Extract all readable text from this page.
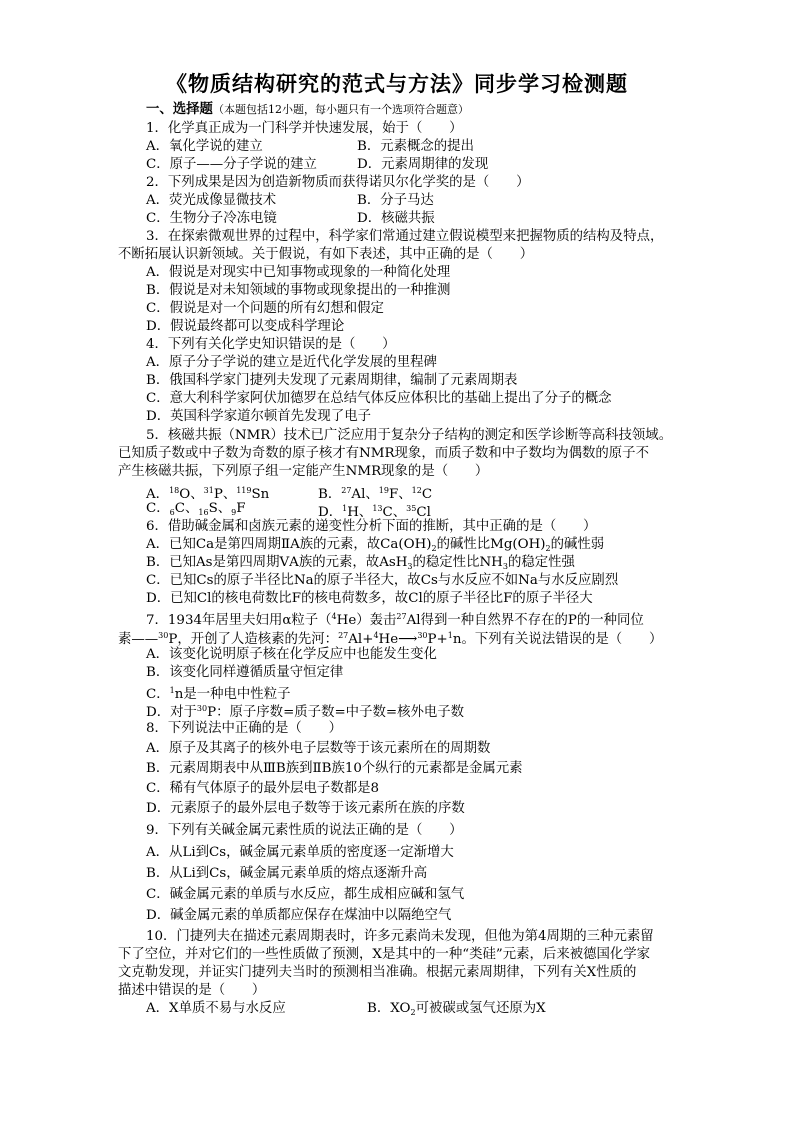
《物质结构研究的范式与方法》同步学习检测题
一、选择题（本题包括12小题，每小题只有一个选项符合题意）
1．化学真正成为一门科学并快速发展，始于（　　）
A．氧化学说的建立	B．元素概念的提出
C．原子——分子学说的建立	D．元素周期律的发现
2．下列成果是因为创造新物质而获得诺贝尔化学奖的是（　　）
A．荧光成像显微技术	B．分子马达
C．生物分子冷冻电镜	D．核磁共振
3．在探索微观世界的过程中，科学家们常通过建立假说模型来把握物质的结构及特点，
不断拓展认识新领域。关于假说，有如下表述，其中正确的是（　　）
A．假说是对现实中已知事物或现象的一种简化处理
B．假说是对未知领域的事物或现象提出的一种推测
C．假说是对一个问题的所有幻想和假定
D．假说最终都可以变成科学理论
4．下列有关化学史知识错误的是（　　）
A．原子分子学说的建立是近代化学发展的里程碑
B．俄国科学家门捷列夫发现了元素周期律，编制了元素周期表
C．意大利科学家阿伏加德罗在总结气体反应体积比的基础上提出了分子的概念
D．英国科学家道尔顿首先发现了电子
5．核磁共振（NMR）技术已广泛应用于复杂分子结构的测定和医学诊断等高科技领域。
已知质子数或中子数为奇数的原子核才有NMR现象，而质子数和中子数均为偶数的原子不
产生核磁共振，下列原子组一定能产生NMR现象的是（　　）
A．$^{18}$O、$^{31}$P、$^{119}$Sn	B．$^{27}$Al、$^{19}$F、$^{12}$C
C．$_6$C、$_{16}$S、$_9$F	D．$^1$H、$^{13}$C、$^{35}$Cl
6．借助碱金属和卤族元素的递变性分析下面的推断，其中正确的是（　　）
A．已知Ca是第四周期ⅡA族的元素，故$Ca(OH)_2$的碱性比$Mg(OH)_2$的碱性弱
B．已知As是第四周期ⅤA族的元素，故AsH$_3$的稳定性比$NH_3$的稳定性强
C．已知Cs的原子半径比Na的原子半径大，故Cs与水反应不如Na与水反应剧烈
D．已知Cl的核电荷数比F的核电荷数多，故Cl的原子半径比F的原子半径大
7．1934年居里夫妇用α粒子（$^4$He）轰击$^{27}$Al得到一种自然界不存在的P的一种同位
素——$^{30}$P，开创了人造核素的先河：$^{27}$Al+$^4$He⟶$^{30}$P+$^1$n。下列有关说法错误的是（　　）
A．该变化说明原子核在化学反应中也能发生变化
B．该变化同样遵循质量守恒定律
C．$^1$n是一种电中性粒子
D．对于$^{30}$P：原子序数=质子数=中子数=核外电子数
8．下列说法中正确的是（　　）
A．原子及其离子的核外电子层数等于该元素所在的周期数
B．元素周期表中从ⅢB族到ⅡB族10个纵行的元素都是金属元素
C．稀有气体原子的最外层电子数都是8
D．元素原子的最外层电子数等于该元素所在族的序数
9．下列有关碱金属元素性质的说法正确的是（　　）
A．从Li到Cs，碱金属元素单质的密度逐一定渐增大
B．从Li到Cs，碱金属元素单质的熔点逐渐升高
C．碱金属元素的单质与水反应，都生成相应碱和氢气
D．碱金属元素的单质都应保存在煤油中以隔绝空气
10．门捷列夫在描述元素周期表时，许多元素尚未发现，但他为第4周期的三种元素留
下了空位，并对它们的一些性质做了预测，X是其中的一种“类硅”元素，后来被德国化学家
文克勒发现，并证实门捷列夫当时的预测相当准确。根据元素周期律，下列有关X性质的
描述中错误的是（　　）
A．X单质不易与水反应	B．$XO_2$可被碳或氢气还原为X
